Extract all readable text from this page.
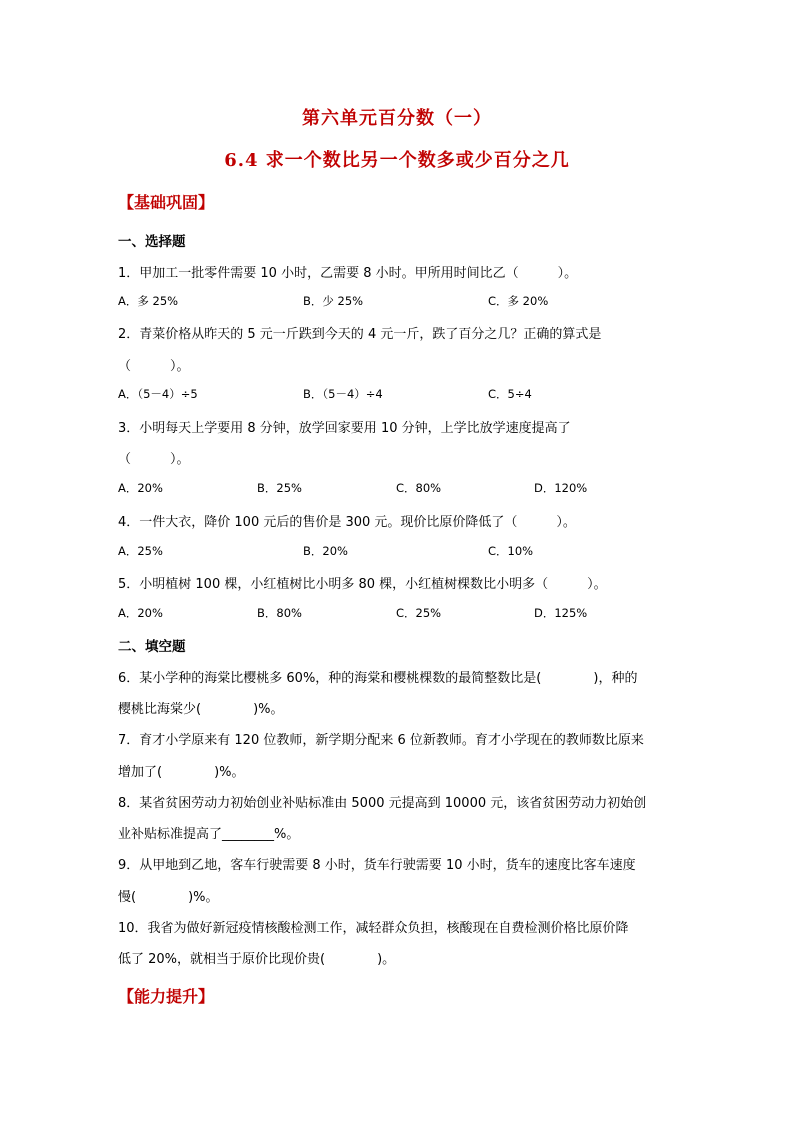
第六单元百分数（一）
6.4 求一个数比另一个数多或少百分之几
【基础巩固】
一、选择题
1．甲加工一批零件需要 10 小时，乙需要 8 小时。甲所用时间比乙（　　　）。
A．多 25%	B．少 25%	C．多 20%
2．青菜价格从昨天的 5 元一斤跌到今天的 4 元一斤，跌了百分之几？正确的算式是
（　　　）。
A．（5－4）÷5	B．（5－4）÷4	C．5÷4
3．小明每天上学要用 8 分钟，放学回家要用 10 分钟，上学比放学速度提高了
（　　　）。
A．20%	B．25%	C．80%	D．120%
4．一件大衣，降价 100 元后的售价是 300 元。现价比原价降低了（　　　）。
A．25%	B．20%	C．10%
5．小明植树 100 棵，小红植树比小明多 80 棵，小红植树棵数比小明多（　　　）。
A．20%	B．80%	C．25%	D．125%
二、填空题
6．某小学种的海棠比樱桃多 60%，种的海棠和樱桃棵数的最简整数比是(　　　　)，种的
樱桃比海棠少(　　　　)%。
7．育才小学原来有 120 位教师，新学期分配来 6 位新教师。育才小学现在的教师数比原来
增加了(　　　　)%。
8．某省贫困劳动力初始创业补贴标准由 5000 元提高到 10000 元，该省贫困劳动力初始创
业补贴标准提高了________%。
9．从甲地到乙地，客车行驶需要 8 小时，货车行驶需要 10 小时，货车的速度比客车速度
慢(　　　　)%。
10．我省为做好新冠疫情核酸检测工作，减轻群众负担，核酸现在自费检测价格比原价降
低了 20%，就相当于原价比现价贵(　　　　)。
【能力提升】
